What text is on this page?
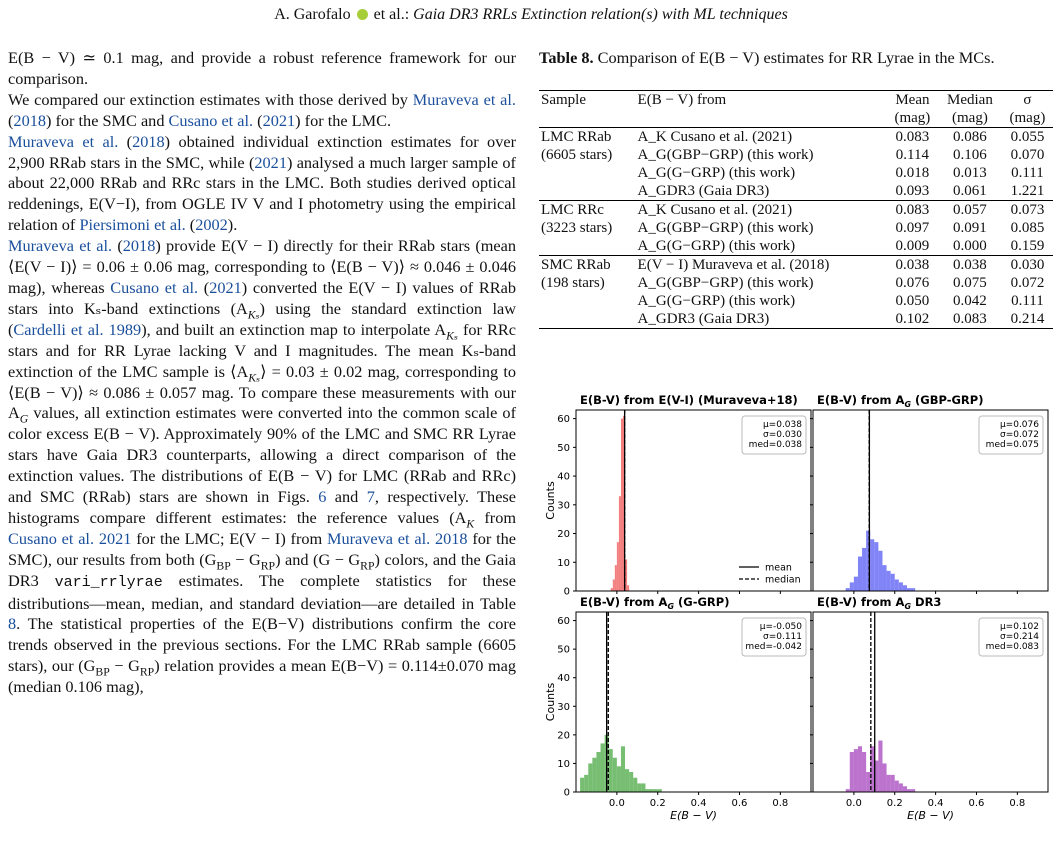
A. Garofalo et al.: Gaia DR3 RRLs Extinction relation(s) with ML techniques

E(B − V) ≃ 0.1 mag, and provide a robust reference framework for our comparison.

We compared our extinction estimates with those derived by Muraveva et al. (2018) for the SMC and Cusano et al. (2021) for the LMC.

Muraveva et al. (2018) obtained individual extinction estimates for over 2,900 RRab stars in the SMC, while (2021) analysed a much larger sample of about 22,000 RRab and RRc stars in the LMC. Both studies derived optical reddenings, E(V−I), from OGLE IV V and I photometry using the empirical relation of Piersimoni et al. (2002).

Muraveva et al. (2018) provide E(V − I) directly for their RRab stars (mean ⟨E(V − I)⟩ = 0.06 ± 0.06 mag, corresponding to ⟨E(B − V)⟩ ≈ 0.046 ± 0.046 mag), whereas Cusano et al. (2021) converted the E(V − I) values of RRab stars into Kₛ-band extinctions $(A_{K_s})$ using the standard extinction law (Cardelli et al. 1989), and built an extinction map to interpolate $A_{K_s}$ for RRc stars and for RR Lyrae lacking V and I magnitudes. The mean Kₛ-band extinction of the LMC sample is $⟨A_{K_s}⟩ = 0.03 \pm 0.02$ mag, corresponding to ⟨E(B − V)⟩ ≈ 0.086 ± 0.057 mag. To compare these measurements with our $A_G$ values, all extinction estimates were converted into the common scale of color excess E(B − V). Approximately 90% of the LMC and SMC RR Lyrae stars have Gaia DR3 counterparts, allowing a direct comparison of the extinction values. The distributions of E(B − V) for LMC (RRab and RRc) and SMC (RRab) stars are shown in Figs. 6 and 7, respectively. These histograms compare different estimates: the reference values ($A_K$ from Cusano et al. 2021 for the LMC; E(V − I) from Muraveva et al. 2018 for the SMC), our results from both $(G_{BP} - G_{RP})$ and $(G - G_{RP})$ colors, and the Gaia DR3 vari_rrlyrae estimates. The complete statistics for these distributions—mean, median, and standard deviation—are detailed in Table 8. The statistical properties of the E(B−V) distributions confirm the core trends observed in the previous sections. For the LMC RRab sample (6605 stars), our $(G_{BP} - G_{RP})$ relation provides a mean E(B−V) = 0.114±0.070 mag (median 0.106 mag),

Table 8. Comparison of E(B − V) estimates for RR Lyrae in the MCs.
Sample	E(B − V) from	Mean	Median	σ
		(mag)	(mag)	(mag)
LMC RRab	A_K Cusano et al. (2021)	0.083	0.086	0.055
(6605 stars)	A_G(GBP−GRP) (this work)	0.114	0.106	0.070
	A_G(G−GRP) (this work)	0.018	0.013	0.111
	A_GDR3 (Gaia DR3)	0.093	0.061	1.221
LMC RRc	A_K Cusano et al. (2021)	0.083	0.057	0.073
(3223 stars)	A_G(GBP−GRP) (this work)	0.097	0.091	0.085
	A_G(G−GRP) (this work)	0.009	0.000	0.159
SMC RRab	E(V − I) Muraveva et al. (2018)	0.038	0.038	0.030
(198 stars)	A_G(GBP−GRP) (this work)	0.076	0.075	0.072
	A_G(G−GRP) (this work)	0.050	0.042	0.111
	A_GDR3 (Gaia DR3)	0.102	0.083	0.214
E(B-V) from E(V-I) (Muraveva+18)
μ=0.038
σ=0.030
med=0.038
0
10
20
30
40
50
60
Counts
mean
median
E(B-V) from $A_G$ (GBP-GRP)
μ=0.076
σ=0.072
med=0.075
E(B-V) from $A_G$ (G-GRP)
μ=-0.050
σ=0.111
med=-0.042
0
10
20
30
40
50
60
Counts
0.0 0.2 0.4 0.6 0.8
E(B − V)
E(B-V) from $A_G$ DR3
μ=0.102
σ=0.214
med=0.083
0.0 0.2 0.4 0.6 0.8
E(B − V)
